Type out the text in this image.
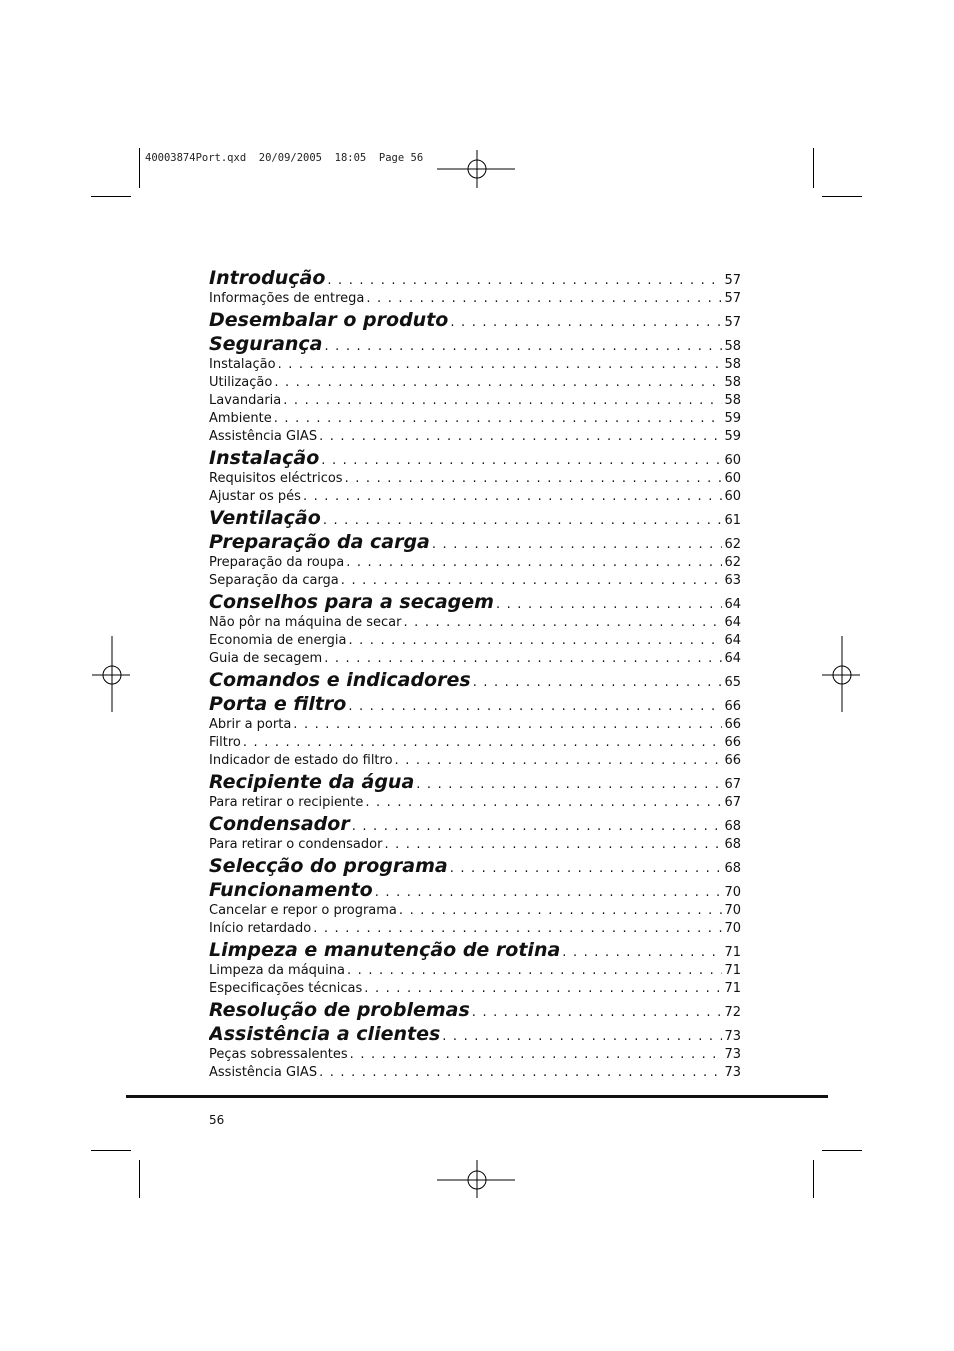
40003874Port.qxd  20/09/2005  18:05  Page 56
Introdução . . .	57
Informações de entrega . . .	57
Desembalar o produto . . .	57
Segurança . . .	58
Instalação . . .	58
Utilização . . .	58
Lavandaria . . .	58
Ambiente . . .	59
Assistência GIAS . . .	59
Instalação . . .	60
Requisitos eléctricos . . .	60
Ajustar os pés . . .	60
Ventilação . . .	61
Preparação da carga . . .	62
Preparação da roupa . . .	62
Separação da carga . . .	63
Conselhos para a secagem . . .	64
Não pôr na máquina de secar . . .	64
Economia de energia . . .	64
Guia de secagem . . .	64
Comandos e indicadores . . .	65
Porta e filtro . . .	66
Abrir a porta . . .	66
Filtro . . .	66
Indicador de estado do filtro . . .	66
Recipiente da água . . .	67
Para retirar o recipiente . . .	67
Condensador . . .	68
Para retirar o condensador . . .	68
Selecção do programa . . .	68
Funcionamento . . .	70
Cancelar e repor o programa . . .	70
Início retardado . . .	70
Limpeza e manutenção de rotina . . .	71
Limpeza da máquina . . .	71
Especificações técnicas . . .	71
Resolução de problemas . . .	72
Assistência a clientes . . .	73
Peças sobressalentes . . .	73
Assistência GIAS . . .	73
56
